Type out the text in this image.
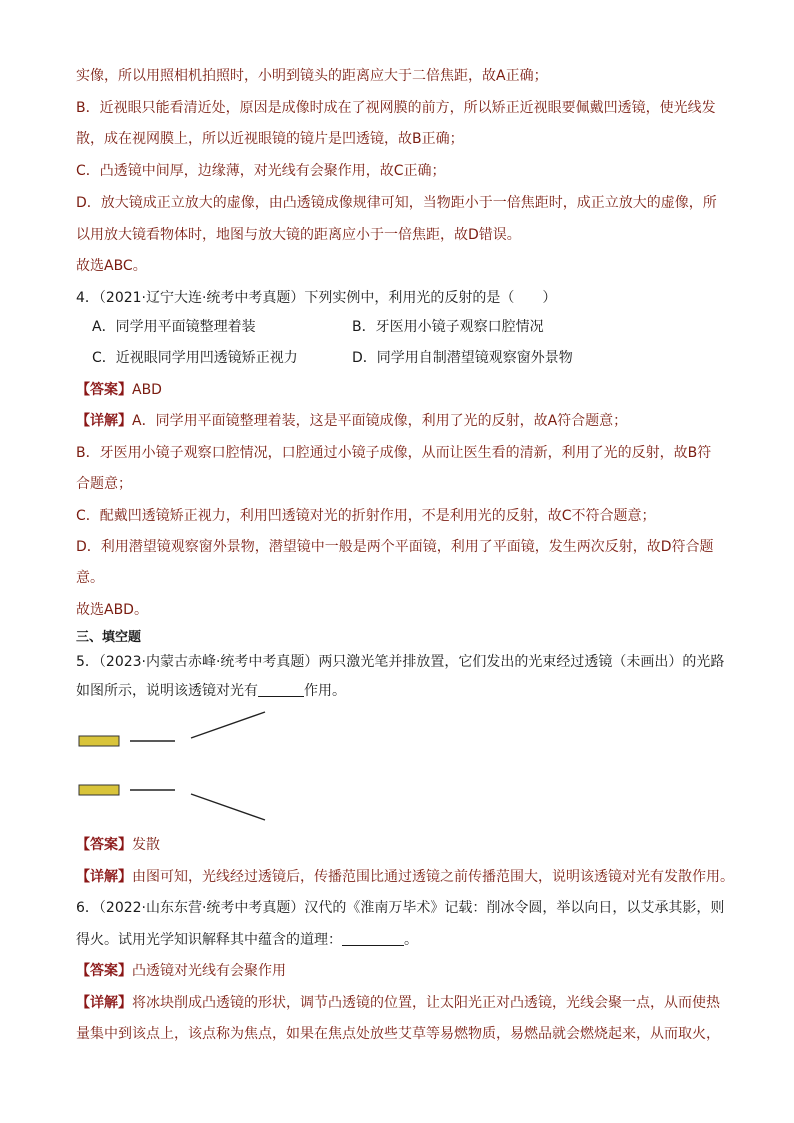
实像，所以用照相机拍照时，小明到镜头的距离应大于二倍焦距，故A正确；
B．近视眼只能看清近处，原因是成像时成在了视网膜的前方，所以矫正近视眼要佩戴凹透镜，使光线发
散，成在视网膜上，所以近视眼镜的镜片是凹透镜，故B正确；
C．凸透镜中间厚，边缘薄，对光线有会聚作用，故C正确；
D．放大镜成正立放大的虚像，由凸透镜成像规律可知，当物距小于一倍焦距时，成正立放大的虚像，所
以用放大镜看物体时，地图与放大镜的距离应小于一倍焦距，故D错误。
故选ABC。
4．（2021·辽宁大连·统考中考真题）下列实例中，利用光的反射的是（　　）
A．同学用平面镜整理着装	B．牙医用小镜子观察口腔情况
C．近视眼同学用凹透镜矫正视力	D．同学用自制潜望镜观察窗外景物
【答案】ABD
【详解】A．同学用平面镜整理着装，这是平面镜成像，利用了光的反射，故A符合题意；
B．牙医用小镜子观察口腔情况，口腔通过小镜子成像，从而让医生看的清新，利用了光的反射，故B符
合题意；
C．配戴凹透镜矫正视力，利用凹透镜对光的折射作用，不是利用光的反射，故C不符合题意；
D．利用潜望镜观察窗外景物，潜望镜中一般是两个平面镜，利用了平面镜，发生两次反射，故D符合题
意。
故选ABD。
三、填空题
5．（2023·内蒙古赤峰·统考中考真题）两只激光笔并排放置，它们发出的光束经过透镜（未画出）的光路
如图所示，说明该透镜对光有	作用。
【答案】发散
【详解】由图可知，光线经过透镜后，传播范围比通过透镜之前传播范围大，说明该透镜对光有发散作用。
6．（2022·山东东营·统考中考真题）汉代的《淮南万毕术》记载：削冰令圆，举以向日，以艾承其影，则
得火。试用光学知识解释其中蕴含的道理：	。
【答案】凸透镜对光线有会聚作用
【详解】将冰块削成凸透镜的形状，调节凸透镜的位置，让太阳光正对凸透镜，光线会聚一点，从而使热
量集中到该点上，该点称为焦点，如果在焦点处放些艾草等易燃物质，易燃品就会燃烧起来，从而取火，
